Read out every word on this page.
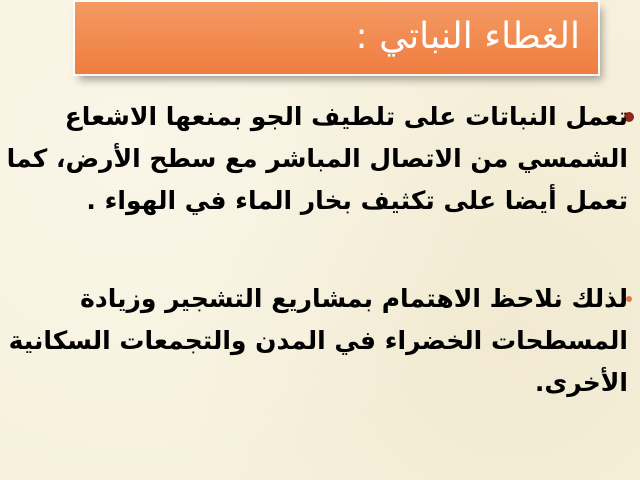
الغطاء النباتي :
تعمل النباتات على تلطيف الجو بمنعها الاشعاع
الشمسي من الاتصال المباشر مع سطح الأرض، كما
تعمل أيضا على تكثيف بخار الماء في الهواء .
لذلك نلاحظ الاهتمام بمشاريع التشجير وزيادة
المسطحات الخضراء في المدن والتجمعات السكانية
الأخرى.
